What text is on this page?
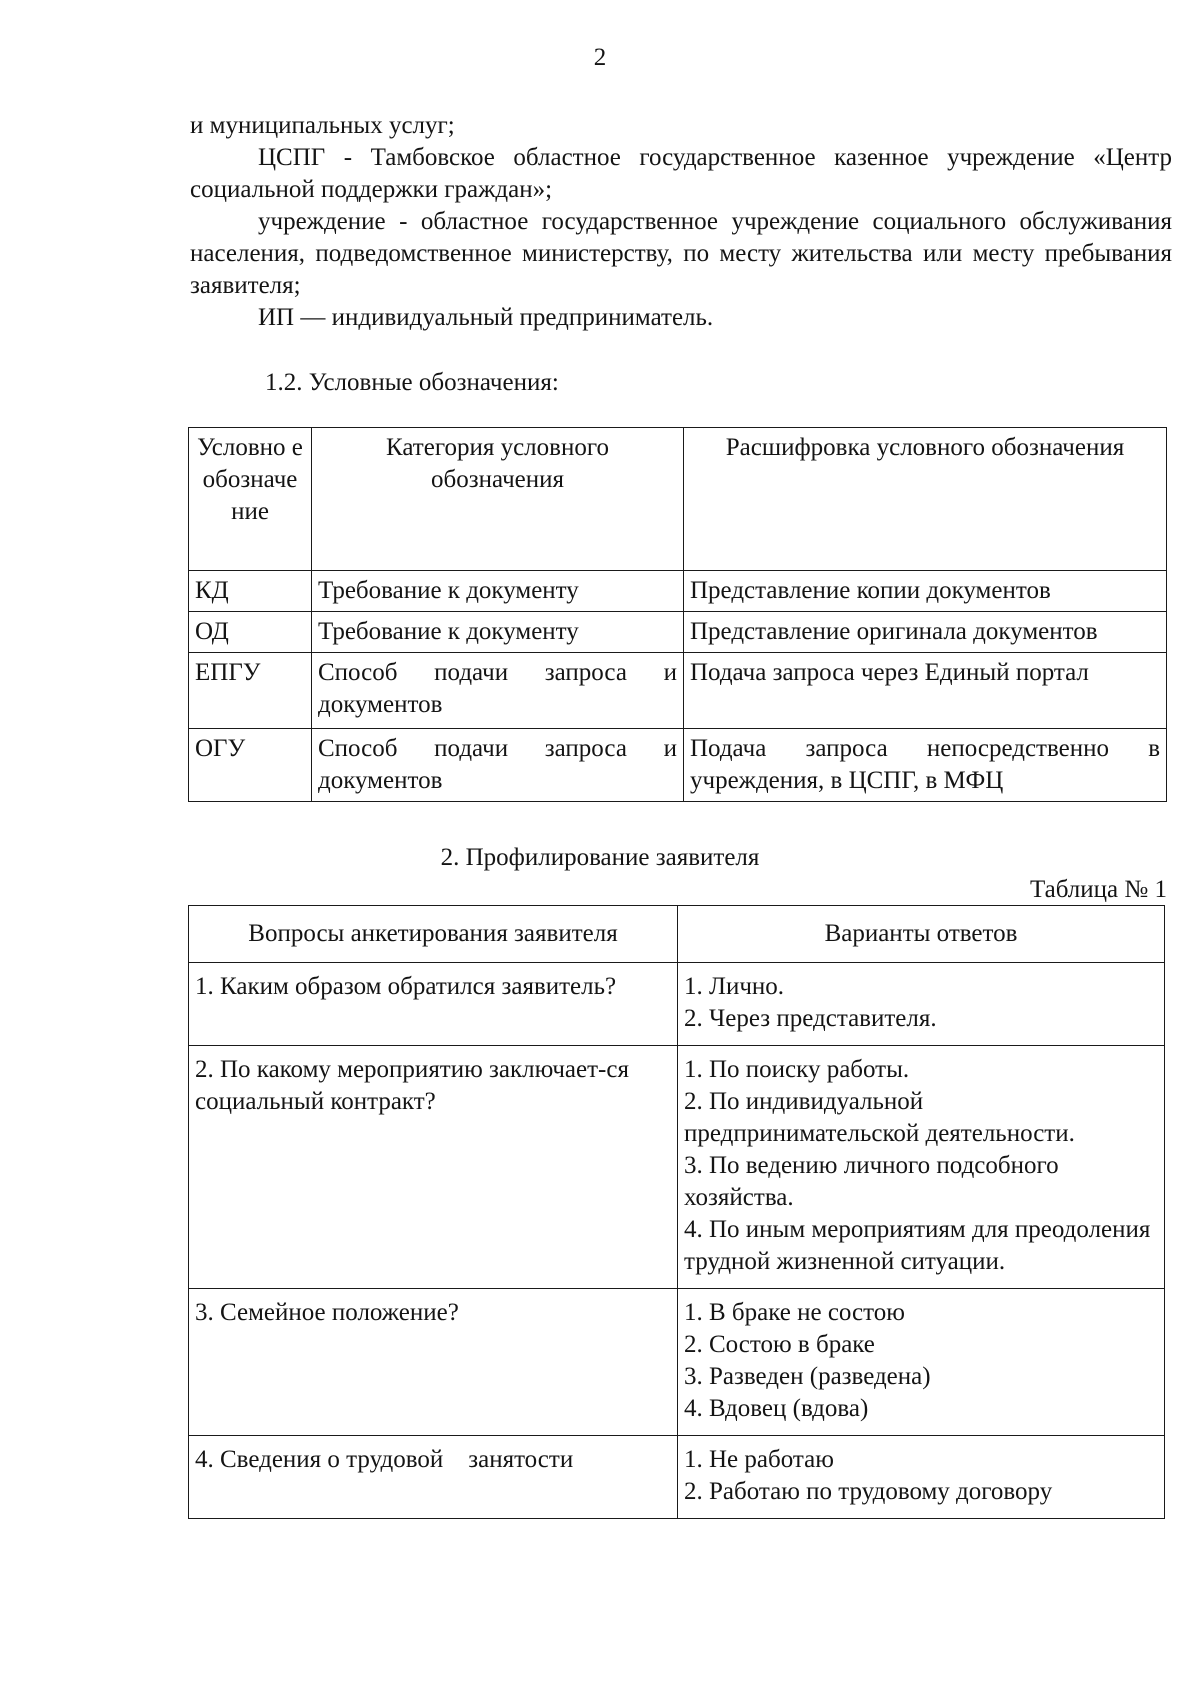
2

и муниципальных услуг;

ЦСПГ - Тамбовское областное государственное казенное учреждение «Центр социальной поддержки граждан»;

учреждение - областное государственное учреждение социального обслуживания населения, подведомственное министерству, по месту жительства или месту пребывания заявителя;

ИП — индивидуальный предприниматель.

1.2. Условные обозначения:
Условно е обозначе ние	Категория условного обозначения	Расшифровка условного обозначения
КД	Требование к документу	Представление копии документов
ОД	Требование к документу	Представление оригинала документов
ЕПГУ	Способ подачи запроса и документов	Подача запроса через Единый портал
ОГУ	Способ подачи запроса и документов	Подача запроса непосредственно в учреждения, в ЦСПГ, в МФЦ
2. Профилирование заявителя
Таблица № 1
Вопросы анкетирования заявителя	Варианты ответов
1. Каким образом обратился заявитель?	1. Лично.
2. Через представителя.

2. По какому мероприятию заключает-ся социальный контракт?	1. По поиску работы.
2. По индивидуальной предпринимательской деятельности.
3. По ведению личного подсобного хозяйства.
4. По иным мероприятиям для преодоления трудной жизненной ситуации.

3. Семейное положение?	1. В браке не состою
2. Состою в браке
3. Разведен (разведена)
4. Вдовец (вдова)

4. Сведения о трудовой    занятости	1. Не работаю
2. Работаю по трудовому договору
